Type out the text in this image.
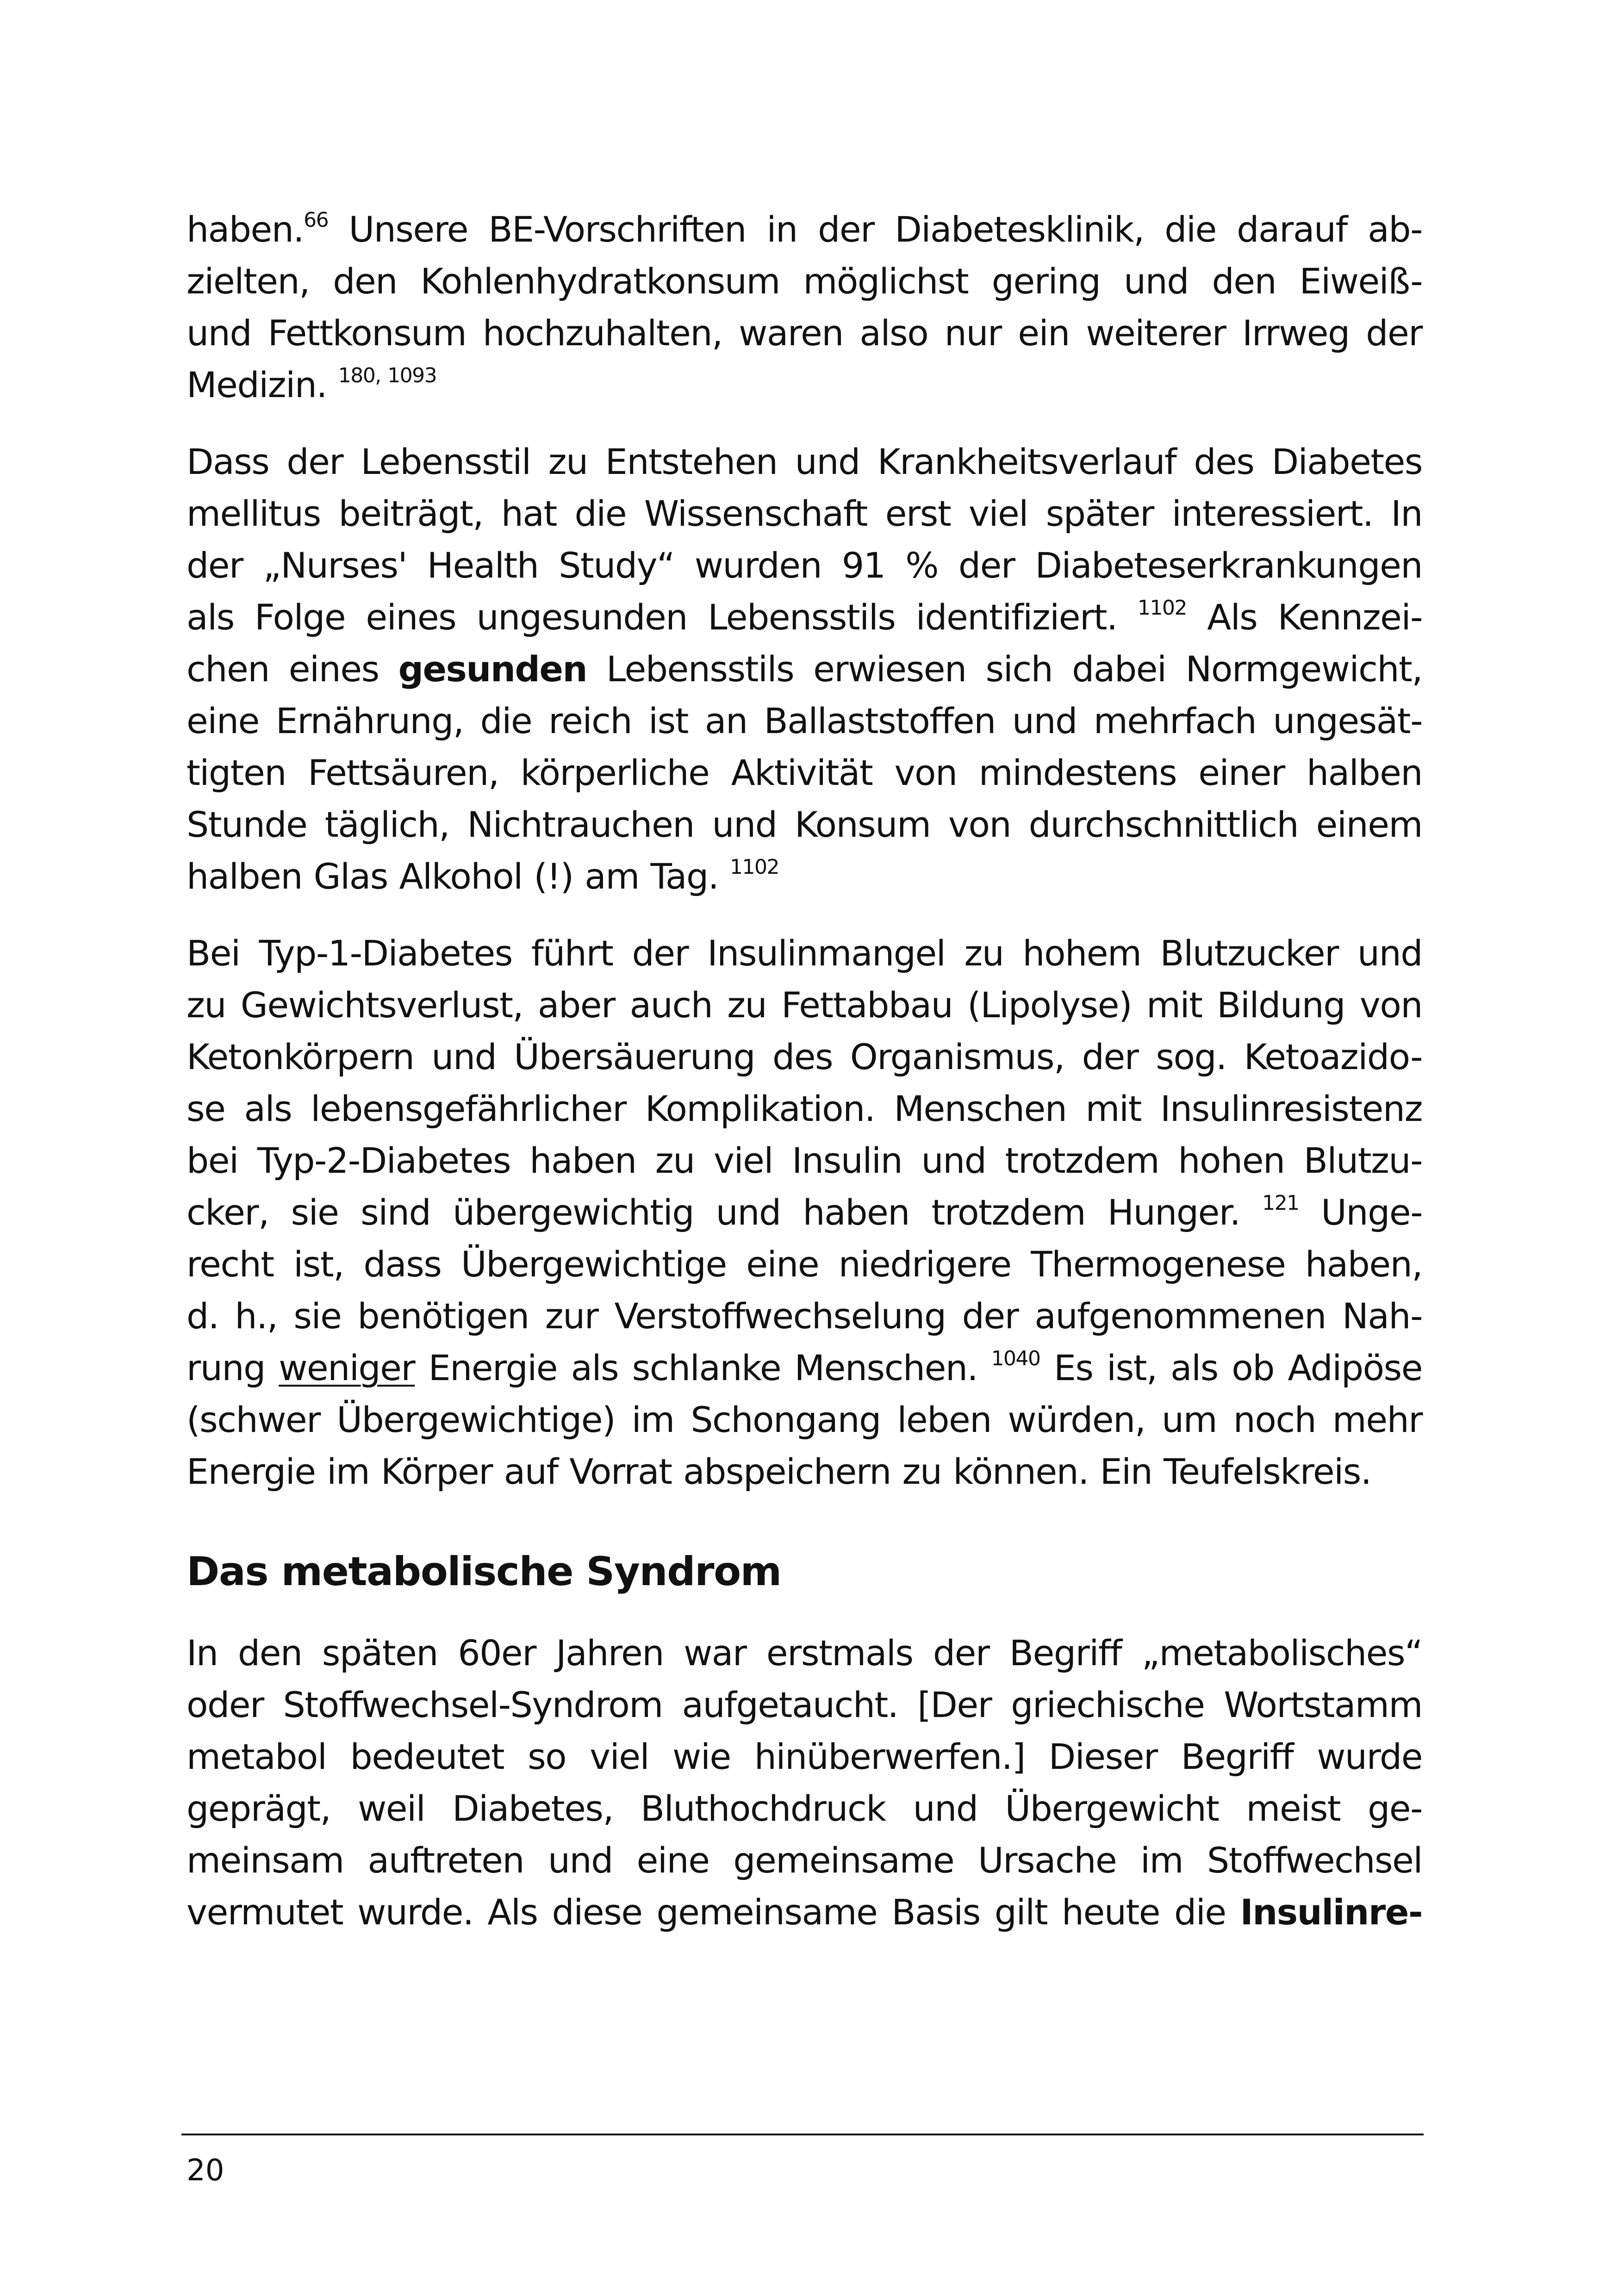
haben.$^{66}$ Unsere BE-Vorschriften in der Diabetesklinik, die darauf ab-
zielten, den Kohlenhydratkonsum möglichst gering und den Eiweiß-
und Fettkonsum hochzuhalten, waren also nur ein weiterer Irrweg der
Medizin. $^{180, 1093}$

Dass der Lebensstil zu Entstehen und Krankheitsverlauf des Diabetes
mellitus beiträgt, hat die Wissenschaft erst viel später interessiert. In
der „Nurses' Health Study“ wurden 91 % der Diabeteserkrankungen
als Folge eines ungesunden Lebensstils identifiziert. $^{1102}$ Als Kennzei-
chen eines gesunden Lebensstils erwiesen sich dabei Normgewicht,
eine Ernährung, die reich ist an Ballaststoffen und mehrfach ungesät-
tigten Fettsäuren, körperliche Aktivität von mindestens einer halben
Stunde täglich, Nichtrauchen und Konsum von durchschnittlich einem
halben Glas Alkohol (!) am Tag. $^{1102}$

Bei Typ-1-Diabetes führt der Insulinmangel zu hohem Blutzucker und
zu Gewichtsverlust, aber auch zu Fettabbau (Lipolyse) mit Bildung von
Ketonkörpern und Übersäuerung des Organismus, der sog. Ketoazido-
se als lebensgefährlicher Komplikation. Menschen mit Insulinresistenz
bei Typ-2-Diabetes haben zu viel Insulin und trotzdem hohen Blutzu-
cker, sie sind übergewichtig und haben trotzdem Hunger. $^{121}$ Unge-
recht ist, dass Übergewichtige eine niedrigere Thermogenese haben,
d. h., sie benötigen zur Verstoffwechselung der aufgenommenen Nah-
rung weniger Energie als schlanke Menschen. $^{1040}$ Es ist, als ob Adipöse
(schwer Übergewichtige) im Schongang leben würden, um noch mehr
Energie im Körper auf Vorrat abspeichern zu können. Ein Teufelskreis.

Das metabolische Syndrom

In den späten 60er Jahren war erstmals der Begriff „metabolisches“
oder Stoffwechsel-Syndrom aufgetaucht. [Der griechische Wortstamm
metabol bedeutet so viel wie hinüberwerfen.] Dieser Begriff wurde
geprägt, weil Diabetes, Bluthochdruck und Übergewicht meist ge-
meinsam auftreten und eine gemeinsame Ursache im Stoffwechsel
vermutet wurde. Als diese gemeinsame Basis gilt heute die Insulinre-

20
